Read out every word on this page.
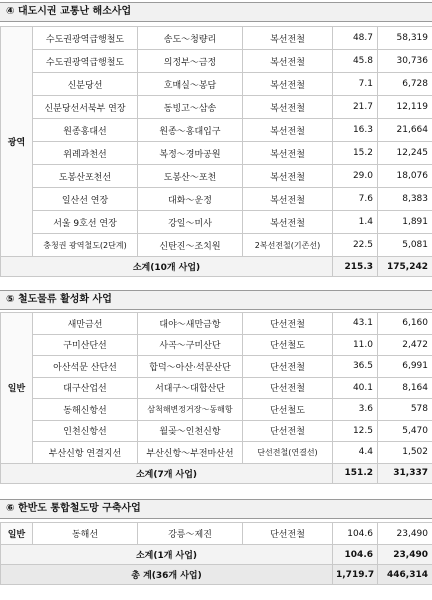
④ 대도시권 교통난 해소사업
광역	수도권광역급행철도	송도～청량리	복선전철	48.7	58,319
	수도권광역급행철도	의정부～금정	복선전철	45.8	30,736
	신분당선	호매실～봉담	복선전철	7.1	6,728
	신분당선서북부 연장	동빙고～삼송	복선전철	21.7	12,119
	원종홍대선	원종～홍대입구	복선전철	16.3	21,664
	위례과천선	복정～경마공원	복선전철	15.2	12,245
	도봉산포천선	도봉산～포천	복선전철	29.0	18,076
	일산선 연장	대화～운정	복선전철	7.6	8,383
	서울 9호선 연장	강일～미사	복선전철	1.4	1,891
	충청권 광역철도(2단계)	신탄진～조치원	2복선전철(기존선)	22.5	5,081
소계(10개 사업)				215.3	175,242
⑤ 철도물류 활성화 사업
일반	새만금선	대야～새만금항	단선전철	43.1	6,160
	구미산단선	사곡～구미산단	단선철도	11.0	2,472
	아산석문 산단선	합덕～아산·석문산단	단선전철	36.5	6,991
	대구산업선	서대구～대합산단	단선전철	40.1	8,164
	동해신항선	삼척해변정거장～동해항	단선철도	3.6	578
	인천신항선	월곶～인천신항	단선전철	12.5	5,470
	부산신항 연결지선	부산신항～부전마산선	단선전철(연결선)	4.4	1,502
소계(7개 사업)				151.2	31,337
⑥ 한반도 통합철도망 구축사업
일반	동해선	강릉～제진	단선전철	104.6	23,490
소계(1개 사업)				104.6	23,490
총 계(36개 사업)				1,719.7	446,314
